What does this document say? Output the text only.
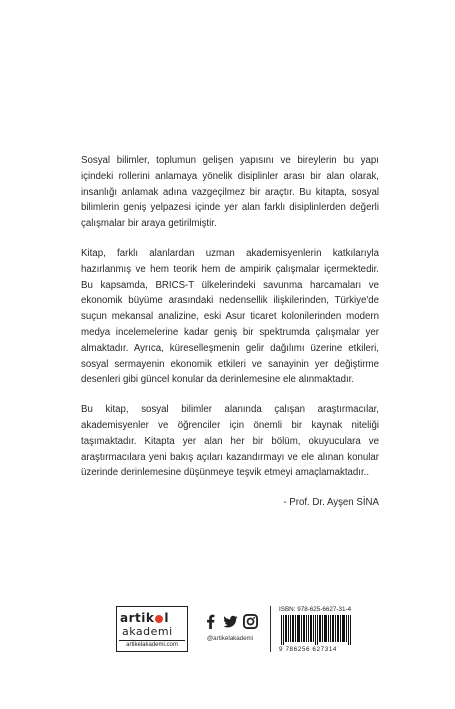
Sosyal bilimler, toplumun gelişen yapısını ve bireylerin bu yapı içindeki rollerini anlamaya yönelik disiplinler arası bir alan olarak, insanlığı anlamak adına vazgeçilmez bir araçtır. Bu kitapta, sosyal bilimlerin geniş yelpazesi içinde yer alan farklı disiplinlerden değerli çalışmalar bir araya getirilmiştir.

Kitap, farklı alanlardan uzman akademisyenlerin katkılarıyla hazırlanmış ve hem teorik hem de ampirik çalışmalar içermektedir. Bu kapsamda, BRICS-T ülkelerindeki savunma harcamaları ve ekonomik büyüme arasındaki nedensellik ilişkilerinden, Türkiye'de suçun mekansal analizine, eski Asur ticaret kolonilerinden modern medya incelemelerine kadar geniş bir spektrumda çalışmalar yer almaktadır. Ayrıca, küreselleşmenin gelir dağılımı üzerine etkileri, sosyal sermayenin ekonomik etkileri ve sanayinin yer değiştirme desenleri gibi güncel konular da derinlemesine ele alınmaktadır.

Bu kitap, sosyal bilimler alanında çalışan araştırmacılar, akademisyenler ve öğrenciler için önemli bir kaynak niteliği taşımaktadır. Kitapta yer alan her bir bölüm, okuyuculara ve araştırmacılara yeni bakış açıları kazandırmayı ve ele alınan konular üzerinde derinlemesine düşünmeye teşvik etmeyi amaçlamaktadır..

- Prof. Dr. Ayşen SİNA

artik l
akademi
artikelakademi.com
@artikelakademi
ISBN: 978-625-6627-31-4
9 786256 627314
